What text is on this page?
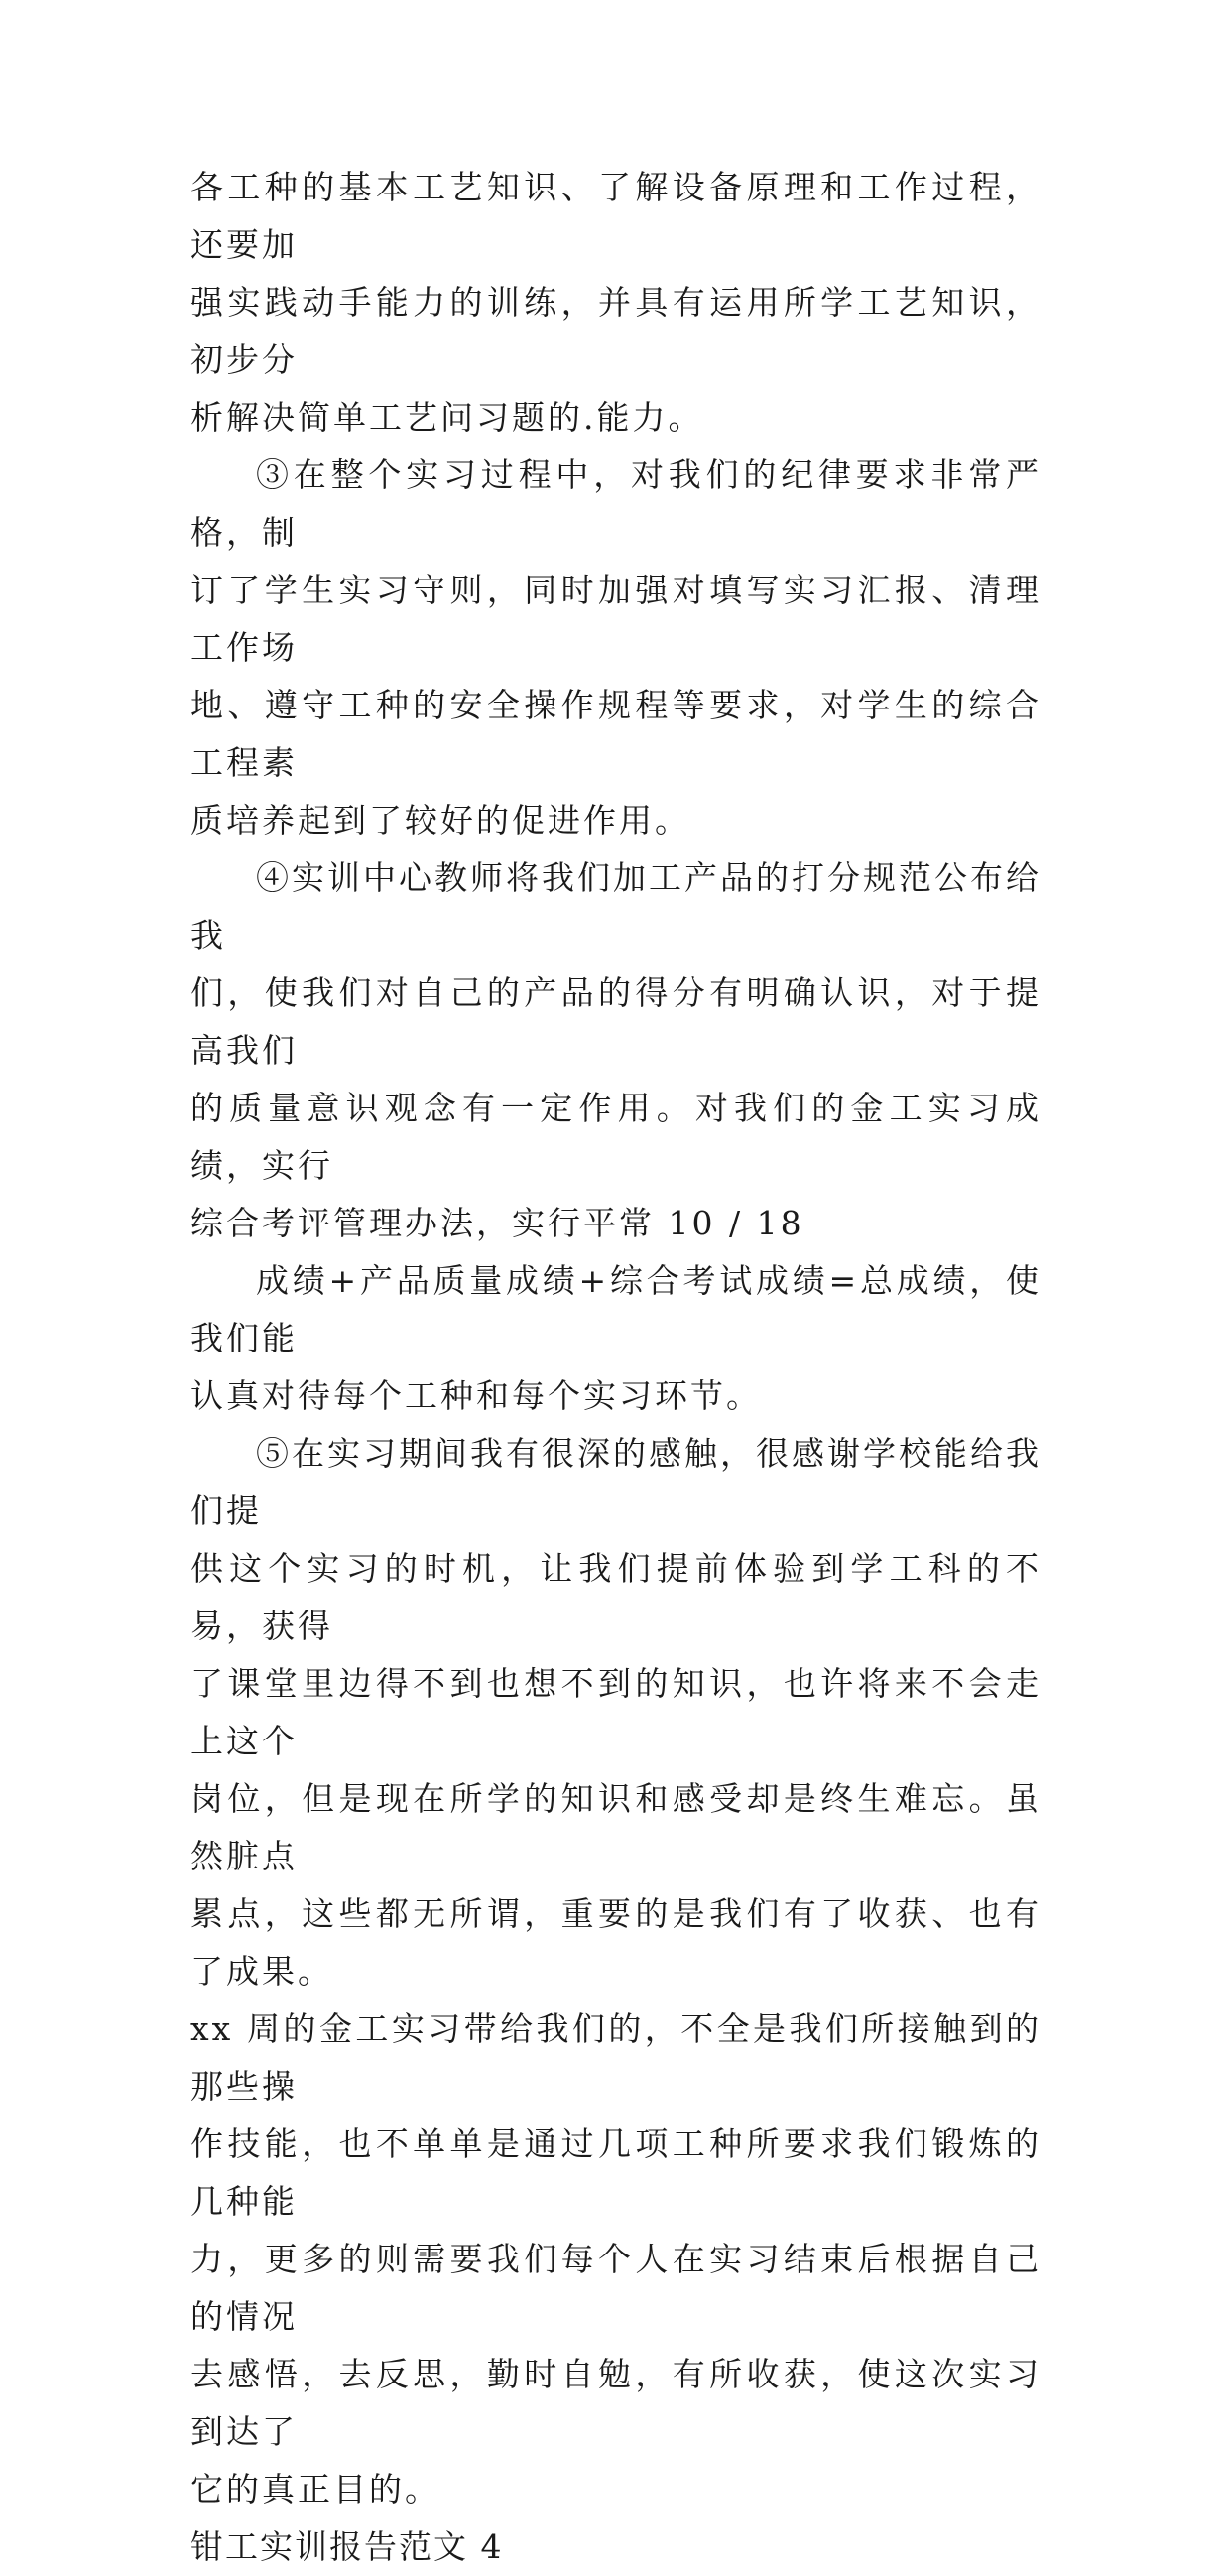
各工种的基本工艺知识、了解设备原理和工作过程，还要加
强实践动手能力的训练，并具有运用所学工艺知识，初步分
析解决简单工艺问习题的.能力。
③在整个实习过程中，对我们的纪律要求非常严格，制
订了学生实习守则，同时加强对填写实习汇报、清理工作场
地、遵守工种的安全操作规程等要求，对学生的综合工程素
质培养起到了较好的促进作用。
④实训中心教师将我们加工产品的打分规范公布给我
们，使我们对自己的产品的得分有明确认识，对于提高我们
的质量意识观念有一定作用。对我们的金工实习成绩，实行
综合考评管理办法，实行平常 10 / 18
成绩+产品质量成绩+综合考试成绩=总成绩，使我们能
认真对待每个工种和每个实习环节。
⑤在实习期间我有很深的感触，很感谢学校能给我们提
供这个实习的时机，让我们提前体验到学工科的不易，获得
了课堂里边得不到也想不到的知识，也许将来不会走上这个
岗位，但是现在所学的知识和感受却是终生难忘。虽然脏点
累点，这些都无所谓，重要的是我们有了收获、也有了成果。
xx 周的金工实习带给我们的，不全是我们所接触到的那些操
作技能，也不单单是通过几项工种所要求我们锻炼的几种能
力，更多的则需要我们每个人在实习结束后根据自己的情况
去感悟，去反思，勤时自勉，有所收获，使这次实习到达了
它的真正目的。
钳工实训报告范文 4
